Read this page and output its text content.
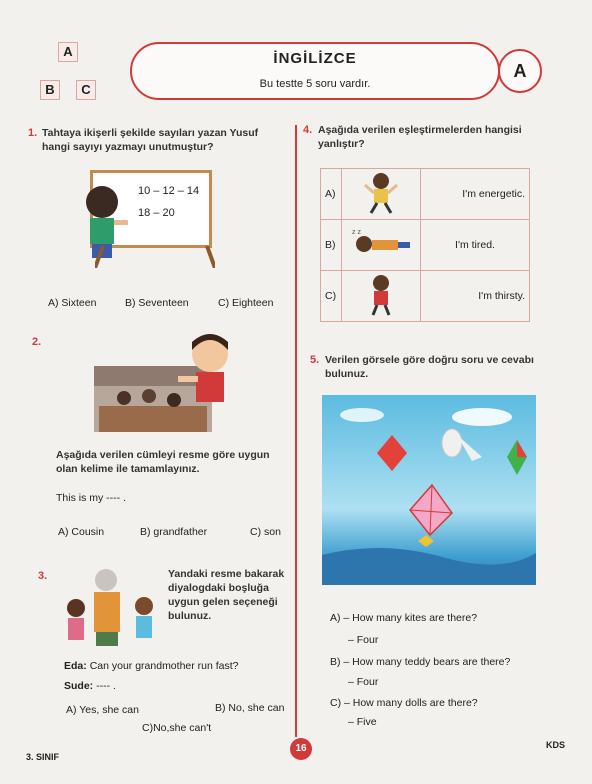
A
B	C
İNGİLİZCE
Bu testte 5 soru vardır.
A
1. Tahtaya ikişerli şekilde sayıları yazan Yusuf hangi sayıyı yazmayı unutmuştur?
10 – 12 – 14
18 – 20
A) Sixteen	B) Seventeen	C) Eighteen
2.
Aşağıda verilen cümleyi resme göre uygun olan kelime ile tamamlayınız.
This is my ---- .
A) Cousin	B) grandfather	C) son
3.	Yandaki resme bakarak diyalogdaki boşluğa uygun gelen seçeneği bulunuz.
Eda: Can your grandmother run fast?
Sude: ---- .
A) Yes, she can	B) No, she can
C)No,she can't
4. Aşağıda verilen eşleştirmelerden hangisi yanlıştır?
A)		I'm energetic.
B)	z z	I'm tired.
C)		I'm thirsty.
5. Verilen görsele göre doğru soru ve cevabı bulunuz.
A) – How many kites are there?
– Four
B) – How many teddy bears are there?
– Four
C) – How many dolls are there?
– Five
3. SINIF
16	KDS
